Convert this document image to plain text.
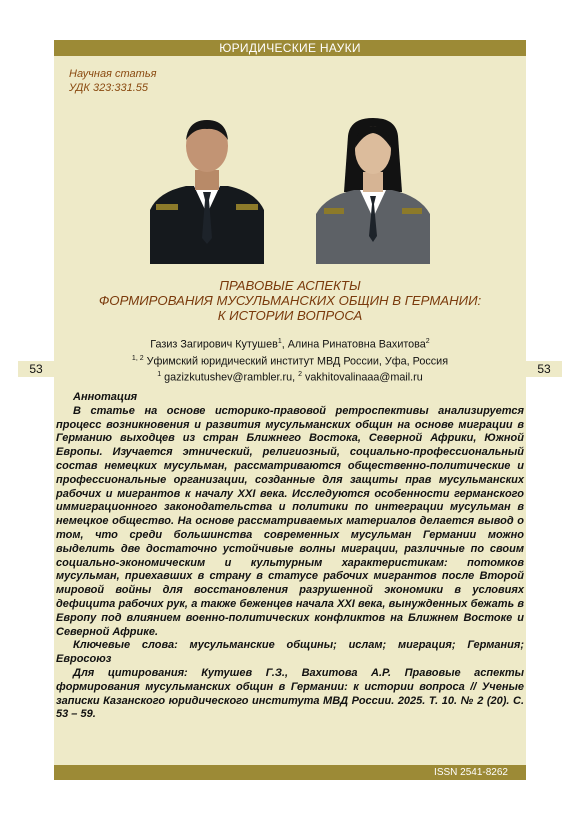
ЮРИДИЧЕСКИЕ НАУКИ
Научная статья
УДК 323:331.55
ПРАВОВЫЕ АСПЕКТЫ
ФОРМИРОВАНИЯ МУСУЛЬМАНСКИХ ОБЩИН В ГЕРМАНИИ:
К ИСТОРИИ ВОПРОСА
Газиз Загирович Кутушев$^1$, Алина Ринатовна Вахитова$^2$
$^{1, 2}$ Уфимский юридический институт МВД России, Уфа, Россия
$^1$ gazizkutushev@rambler.ru, $^2$ vakhitovalinaaa@mail.ru
53	53

Аннотация

В статье на основе историко-правовой ретроспективы анализируется процесс возникновения и развития мусульманских общин на основе миграции в Германию выходцев из стран Ближнего Востока, Северной Африки, Южной Европы. Изучается этнический, религиозный, социально-профессиональный состав немецких мусульман, рассматриваются общественно-политические и профессиональные организации, созданные для защиты прав мусульманских рабочих и мигрантов к началу XXI века. Исследуются особенности германского иммиграционного законодательства и политики по интеграции мусульман в немецкое общество. На основе рассматриваемых материалов делается вывод о том, что среди большинства современных мусульман Германии можно выделить две достаточно устойчивые волны миграции, различные по своим социально-экономическим и культурным характеристикам: потомков мусульман, приехавших в страну в статусе рабочих мигрантов после Второй мировой войны для восстановления разрушенной экономики в условиях дефицита рабочих рук, а также беженцев начала XXI века, вынужденных бежать в Европу под влиянием военно-политических конфликтов на Ближнем Востоке и Северной Африке.

Ключевые слова: мусульманские общины; ислам; миграция; Германия; Евросоюз

Для цитирования: Кутушев Г.З., Вахитова А.Р. Правовые аспекты формирования мусульманских общин в Германии: к истории вопроса // Ученые записки Казанского юридического института МВД России. 2025. Т. 10. № 2 (20). С. 53 – 59.

ISSN 2541-8262
